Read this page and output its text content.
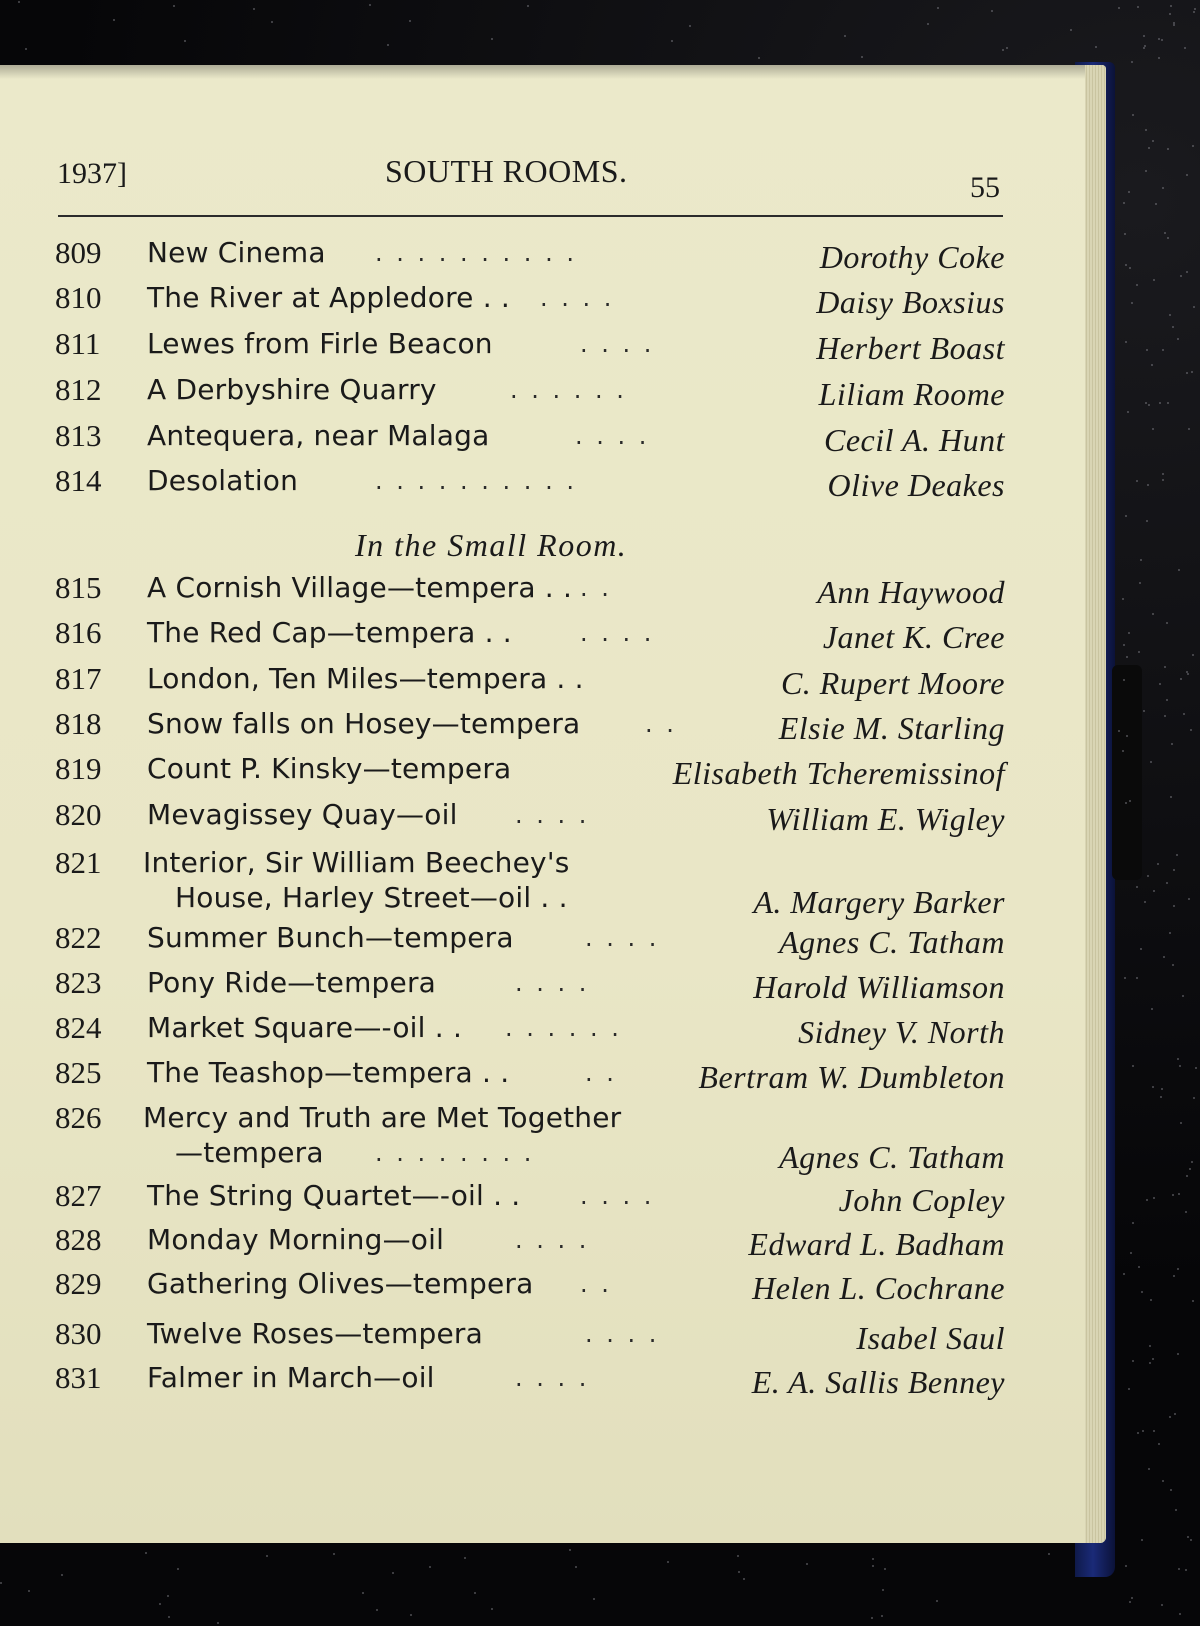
1937]	SOUTH ROOMS.	55
In the Small Room.
809 New Cinema . . . . . . . . . .	Dorothy Coke
810 The River at Appledore . . . . . .	Daisy Boxsius
811 Lewes from Firle Beacon	. . . .	Herbert Boast
812 A Derbyshire Quarry	. . . . . .	Liliam Roome
813 Antequera, near Malaga	. . . .	Cecil A. Hunt
814 Desolation	. . . . . . . . . .	Olive Deakes
815 A Cornish Village—tempera . . . .	Ann Haywood
816 The Red Cap—tempera . .	. . . .	Janet K. Cree
817 London, Ten Miles—tempera . .	C. Rupert Moore
818 Snow falls on Hosey—tempera	. .	Elsie M. Starling
819 Count P. Kinsky—tempera	Elisabeth Tcheremissinof
820 Mevagissey Quay—oil . . . .	William E. Wigley
821 Interior, Sir William Beechey's
House, Harley Street—oil . .	A. Margery Barker
822 Summer Bunch—tempera	. . . .	Agnes C. Tatham
823 Pony Ride—tempera	. . . .	Harold Williamson
824 Market Square—-oil . . . . . . . .	Sidney V. North
825 The Teashop—tempera . .	. .	Bertram W. Dumbleton
826 Mercy and Truth are Met Together
—tempera . . . . . . . .	Agnes C. Tatham
827 The String Quartet—-oil . . . . . .	John Copley
828 Monday Morning—oil	. . . .	Edward L. Badham
829 Gathering Olives—tempera . .	Helen L. Cochrane
830 Twelve Roses—tempera	. . . .	Isabel Saul
831 Falmer in March—oil	. . . .	E. A. Sallis Benney
